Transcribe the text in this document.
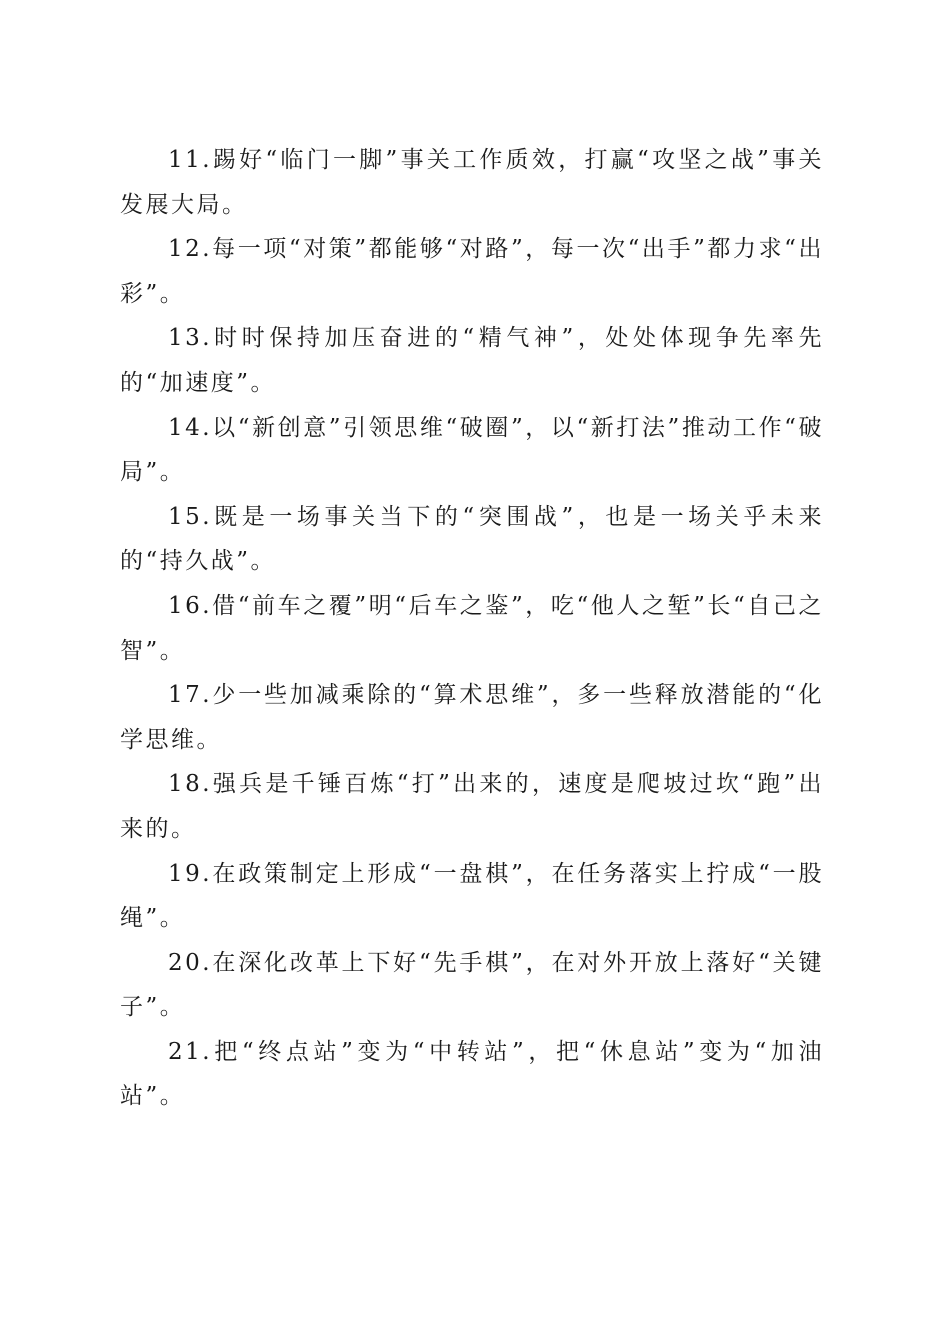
11.踢好“临门一脚”事关工作质效，打赢“攻坚之战”事关发展大局。

12.每一项“对策”都能够“对路”，每一次“出手”都力求“出彩”。

13.时时保持加压奋进的“精气神”，处处体现争先率先的“加速度”。

14.以“新创意”引领思维“破圈”，以“新打法”推动工作“破局”。

15.既是一场事关当下的“突围战”，也是一场关乎未来的“持久战”。

16.借“前车之覆”明“后车之鉴”，吃“他人之堑”长“自己之智”。

17.少一些加减乘除的“算术思维”，多一些释放潜能的“化学思维。

18.强兵是千锤百炼“打”出来的，速度是爬坡过坎“跑”出来的。

19.在政策制定上形成“一盘棋”，在任务落实上拧成“一股绳”。

20.在深化改革上下好“先手棋”，在对外开放上落好“关键子”。

21.把“终点站”变为“中转站”，把“休息站”变为“加油站”。
